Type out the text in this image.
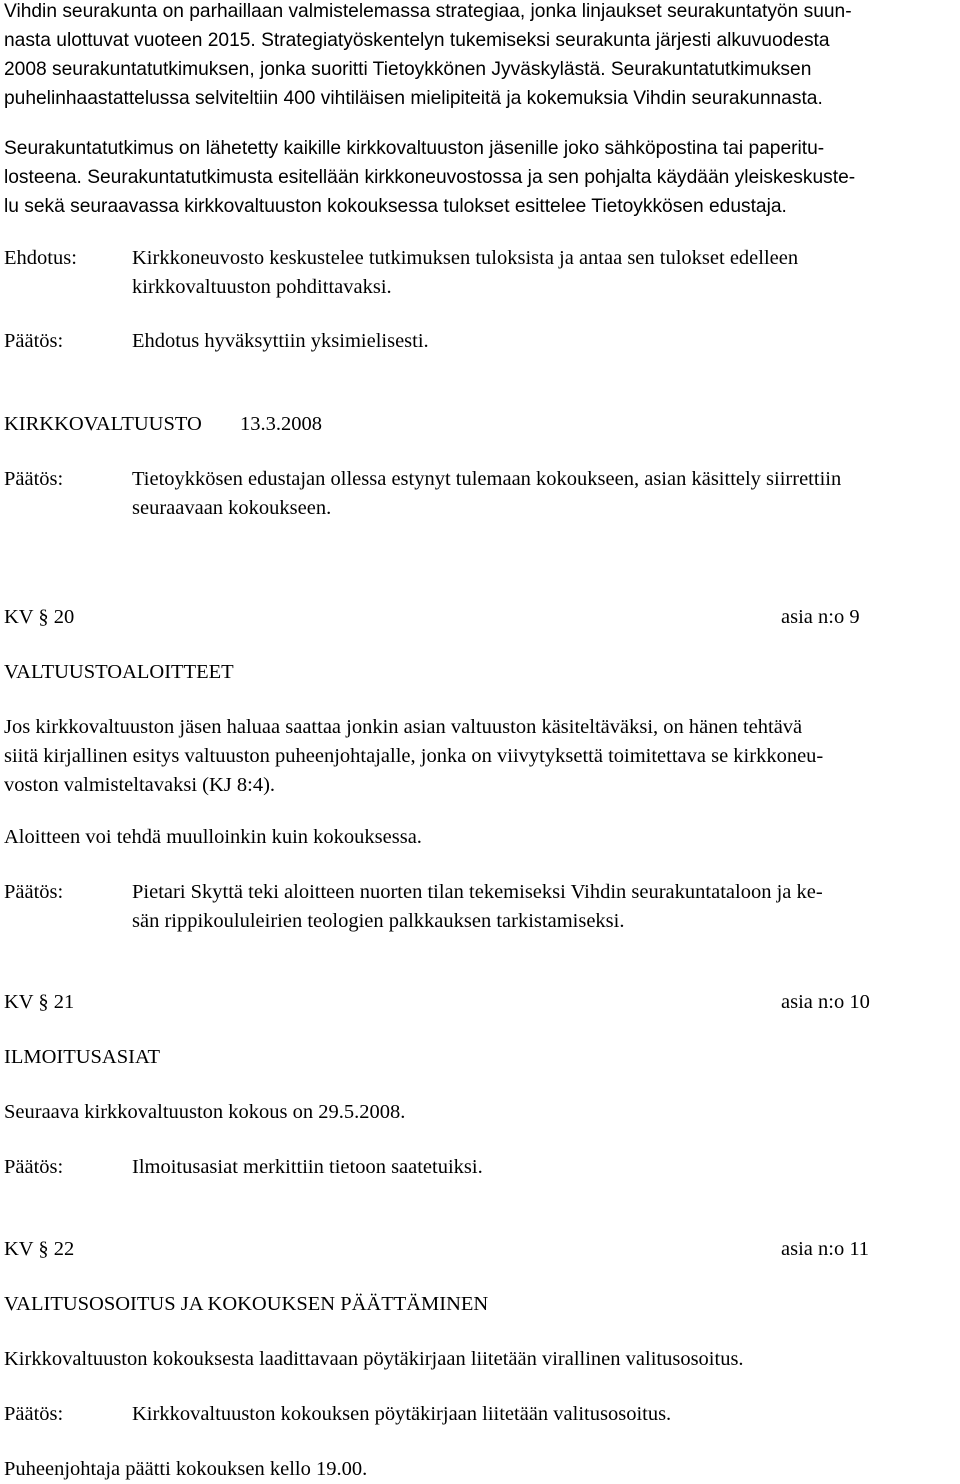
Vihdin seurakunta on parhaillaan valmistelemassa strategiaa, jonka linjaukset seurakuntatyön suun-
nasta ulottuvat vuoteen 2015. Strategiatyöskentelyn tukemiseksi seurakunta järjesti alkuvuodesta
2008 seurakuntatutkimuksen, jonka suoritti Tietoykkönen Jyväskylästä. Seurakuntatutkimuksen
puhelinhaastattelussa selviteltiin 400 vihtiläisen mielipiteitä ja kokemuksia Vihdin seurakunnasta.
Seurakuntatutkimus on lähetetty kaikille kirkkovaltuuston jäsenille joko sähköpostina tai paperitu-
losteena. Seurakuntatutkimusta esitellään kirkkoneuvostossa ja sen pohjalta käydään yleiskeskuste-
lu sekä seuraavassa kirkkovaltuuston kokouksessa tulokset esittelee Tietoykkösen edustaja.
Ehdotus:	Kirkkoneuvosto keskustelee tutkimuksen tuloksista ja antaa sen tulokset edelleen
kirkkovaltuuston pohdittavaksi.
Päätös:	Ehdotus hyväksyttiin yksimielisesti.
KIRKKOVALTUUSTO 13.3.2008
Päätös:	Tietoykkösen edustajan ollessa estynyt tulemaan kokoukseen, asian käsittely siirrettiin
seuraavaan kokoukseen.
KV § 20	asia n:o 9
VALTUUSTOALOITTEET
Jos kirkkovaltuuston jäsen haluaa saattaa jonkin asian valtuuston käsiteltäväksi, on hänen tehtävä
siitä kirjallinen esitys valtuuston puheenjohtajalle, jonka on viivytyksettä toimitettava se kirkkoneu-
voston valmisteltavaksi (KJ 8:4).
Aloitteen voi tehdä muulloinkin kuin kokouksessa.
Päätös:	Pietari Skyttä teki aloitteen nuorten tilan tekemiseksi Vihdin seurakuntataloon ja ke-
sän rippikoululeirien teologien palkkauksen tarkistamiseksi.
KV § 21	asia n:o 10
ILMOITUSASIAT
Seuraava kirkkovaltuuston kokous on 29.5.2008.
Päätös:	Ilmoitusasiat merkittiin tietoon saatetuiksi.
KV § 22	asia n:o 11
VALITUSOSOITUS JA KOKOUKSEN PÄÄTTÄMINEN
Kirkkovaltuuston kokouksesta laadittavaan pöytäkirjaan liitetään virallinen valitusosoitus.
Päätös:	Kirkkovaltuuston kokouksen pöytäkirjaan liitetään valitusosoitus.
Puheenjohtaja päätti kokouksen kello 19.00.
